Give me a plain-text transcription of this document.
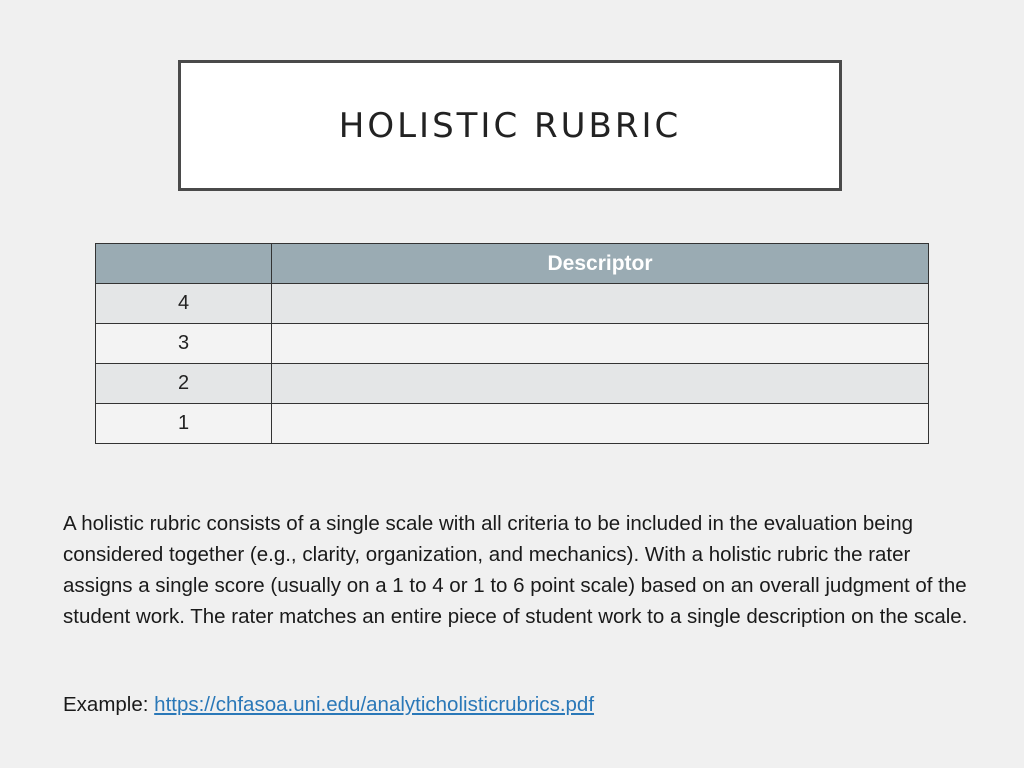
HOLISTIC RUBRIC
	Descriptor
4	
3	
2	
1	

A holistic rubric consists of a single scale with all criteria to be included in the evaluation being considered together (e.g., clarity, organization, and mechanics). With a holistic rubric the rater assigns a single score (usually on a 1 to 4 or 1 to 6 point scale) based on an overall judgment of the student work. The rater matches an entire piece of student work to a single description on the scale.

Example: https://chfasoa.uni.edu/analyticholisticrubrics.pdf
